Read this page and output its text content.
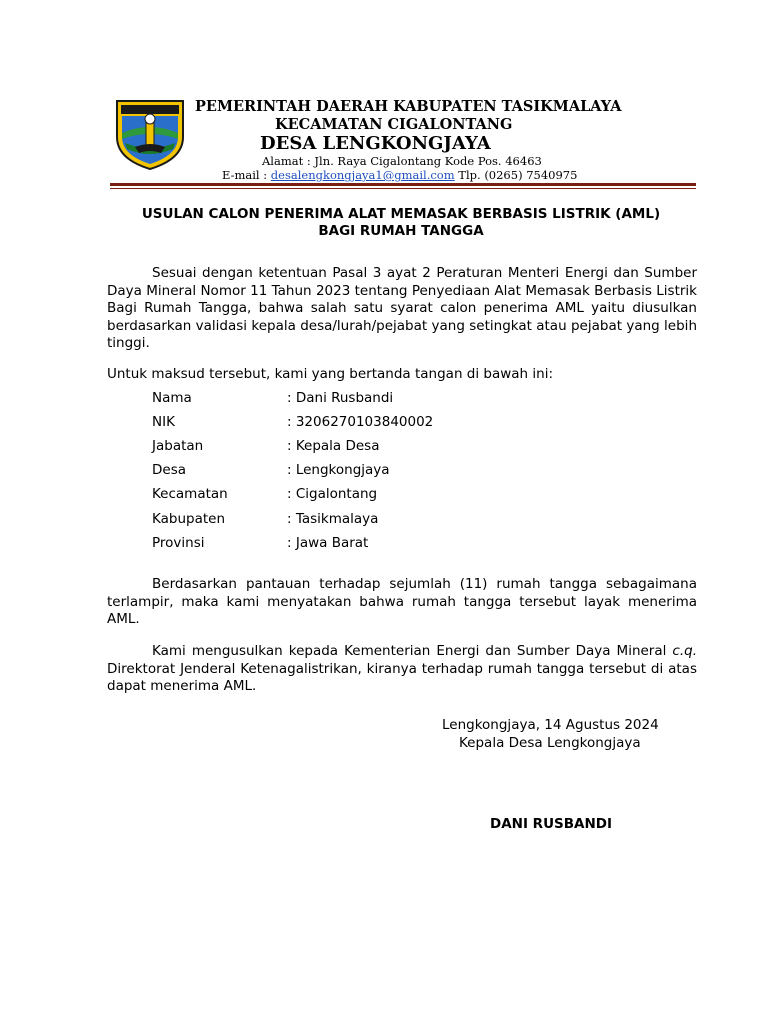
PEMERINTAH DAERAH KABUPATEN TASIKMALAYA
KECAMATAN CIGALONTANG
DESA LENGKONGJAYA
Alamat : Jln. Raya Cigalontang Kode Pos. 46463
E-mail : desalengkongjaya1@gmail.com Tlp. (0265) 7540975
USULAN CALON PENERIMA ALAT MEMASAK BERBASIS LISTRIK (AML)
BAGI RUMAH TANGGA
Sesuai dengan ketentuan Pasal 3 ayat 2 Peraturan Menteri Energi dan Sumber Daya Mineral Nomor 11 Tahun 2023 tentang Penyediaan Alat Memasak Berbasis Listrik Bagi Rumah Tangga, bahwa salah satu syarat calon penerima AML yaitu diusulkan berdasarkan validasi kepala desa/lurah/pejabat yang setingkat atau pejabat yang lebih tinggi.
Untuk maksud tersebut, kami yang bertanda tangan di bawah ini:
Nama	: Dani Rusbandi
NIK	: 3206270103840002
Jabatan	: Kepala Desa
Desa	: Lengkongjaya
Kecamatan	: Cigalontang
Kabupaten	: Tasikmalaya
Provinsi	: Jawa Barat
Berdasarkan pantauan terhadap sejumlah (11) rumah tangga sebagaimana terlampir, maka kami menyatakan bahwa rumah tangga tersebut layak menerima AML.
Kami mengusulkan kepada Kementerian Energi dan Sumber Daya Mineral c.q. Direktorat Jenderal Ketenagalistrikan, kiranya terhadap rumah tangga tersebut di atas dapat menerima AML.
Lengkongjaya, 14 Agustus 2024
Kepala Desa Lengkongjaya
DANI RUSBANDI
